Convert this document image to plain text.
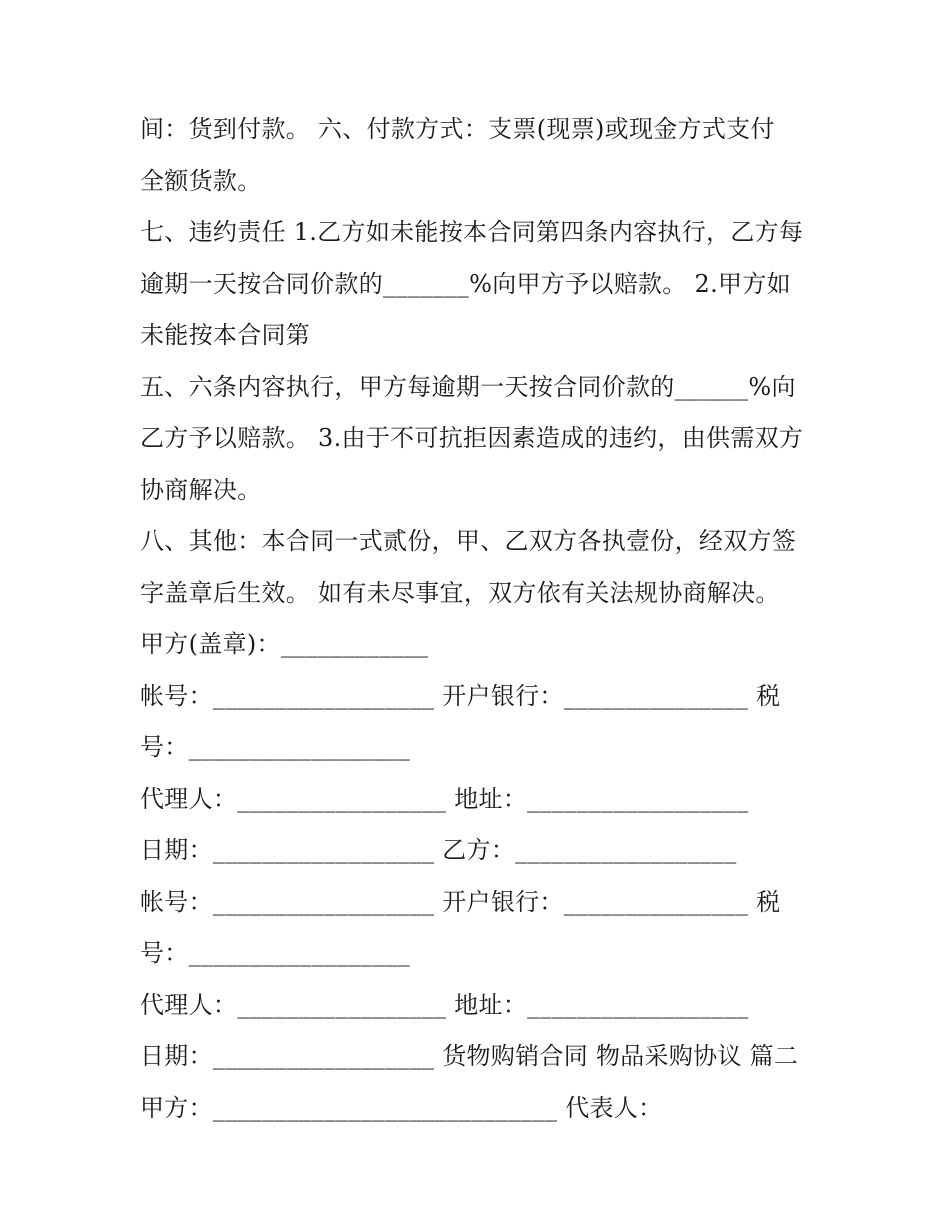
间：货到付款。 六、付款方式：支票(现票)或现金方式支付
全额货款。
七、违约责任 1.乙方如未能按本合同第四条内容执行，乙方每
逾期一天按合同价款的_______%向甲方予以赔款。 2.甲方如
未能按本合同第
五、六条内容执行，甲方每逾期一天按合同价款的______%向
乙方予以赔款。 3.由于不可抗拒因素造成的违约，由供需双方
协商解决。
八、其他：本合同一式贰份，甲、乙双方各执壹份，经双方签
字盖章后生效。 如有未尽事宜，双方依有关法规协商解决。
甲方(盖章)：____________
帐号：__________________ 开户银行：_______________ 税
号：__________________
代理人：_________________ 地址：__________________
日期：__________________ 乙方：__________________
帐号：__________________ 开户银行：_______________ 税
号：__________________
代理人：_________________ 地址：__________________
日期：__________________ 货物购销合同 物品采购协议 篇二
甲方：____________________________ 代表人：
